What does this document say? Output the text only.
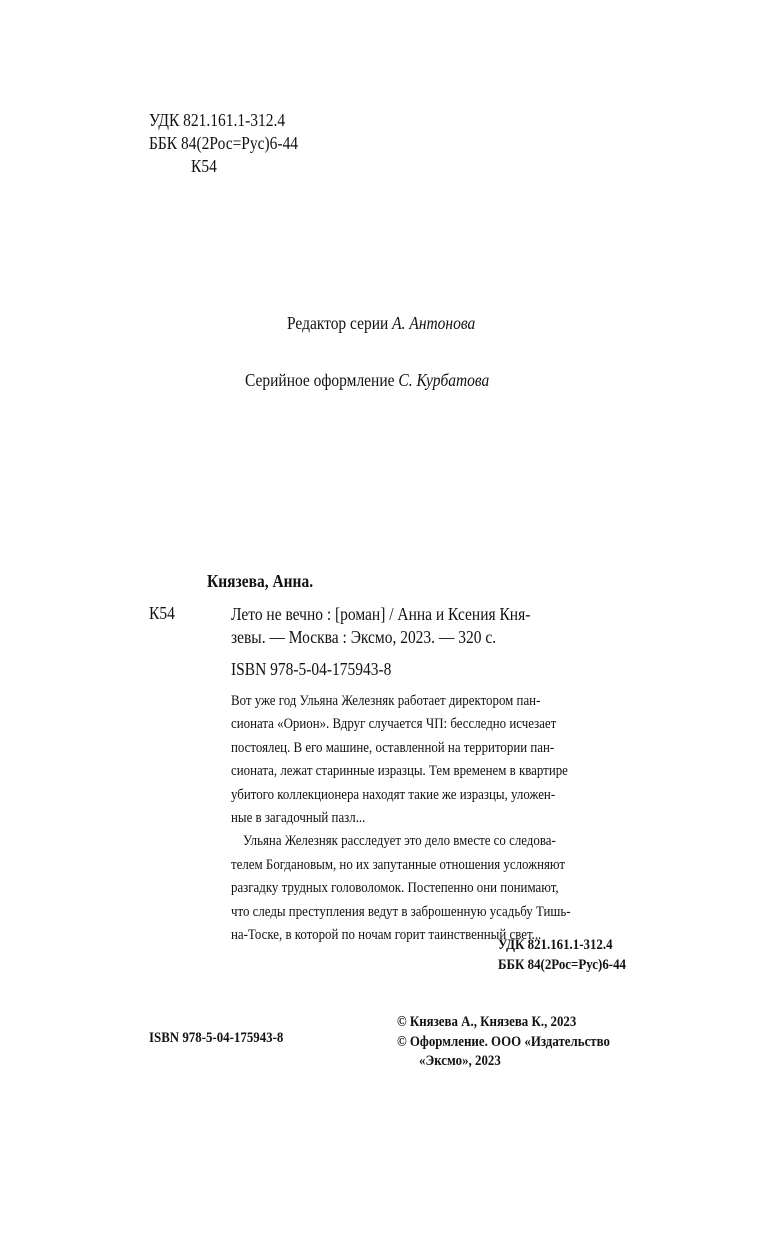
УДК 821.161.1-312.4
ББК 84(2Рос=Рус)6-44

К54
Редактор серии А. Антонова
Серийное оформление С. Курбатова
Князева, Анна.
К54	Лето не вечно : [роман] / Анна и Ксения Кня-
зевы. — Москва : Эксмо, 2023. — 320 с.
ISBN 978-5-04-175943-8
Вот уже год Ульяна Железняк работает директором пан-
сионата «Орион». Вдруг случается ЧП: бесследно исчезает
постоялец. В его машине, оставленной на территории пан-
сионата, лежат старинные изразцы. Тем временем в квартире
убитого коллекционера находят такие же изразцы, уложен-
ные в загадочный пазл...
Ульяна Железняк расследует это дело вместе со следова-
телем Богдановым, но их запутанные отношения усложняют
разгадку трудных головоломок. Постепенно они понимают,
что следы преступления ведут в заброшенную усадьбу Тишь-
на-Тоске, в которой по ночам горит таинственный свет...
УДК 821.161.1-312.4
ББК 84(2Рос=Рус)6-44
© Князева А., Князева К., 2023
© Оформление. ООО «Издательство

«Эксмо», 2023
ISBN 978-5-04-175943-8
